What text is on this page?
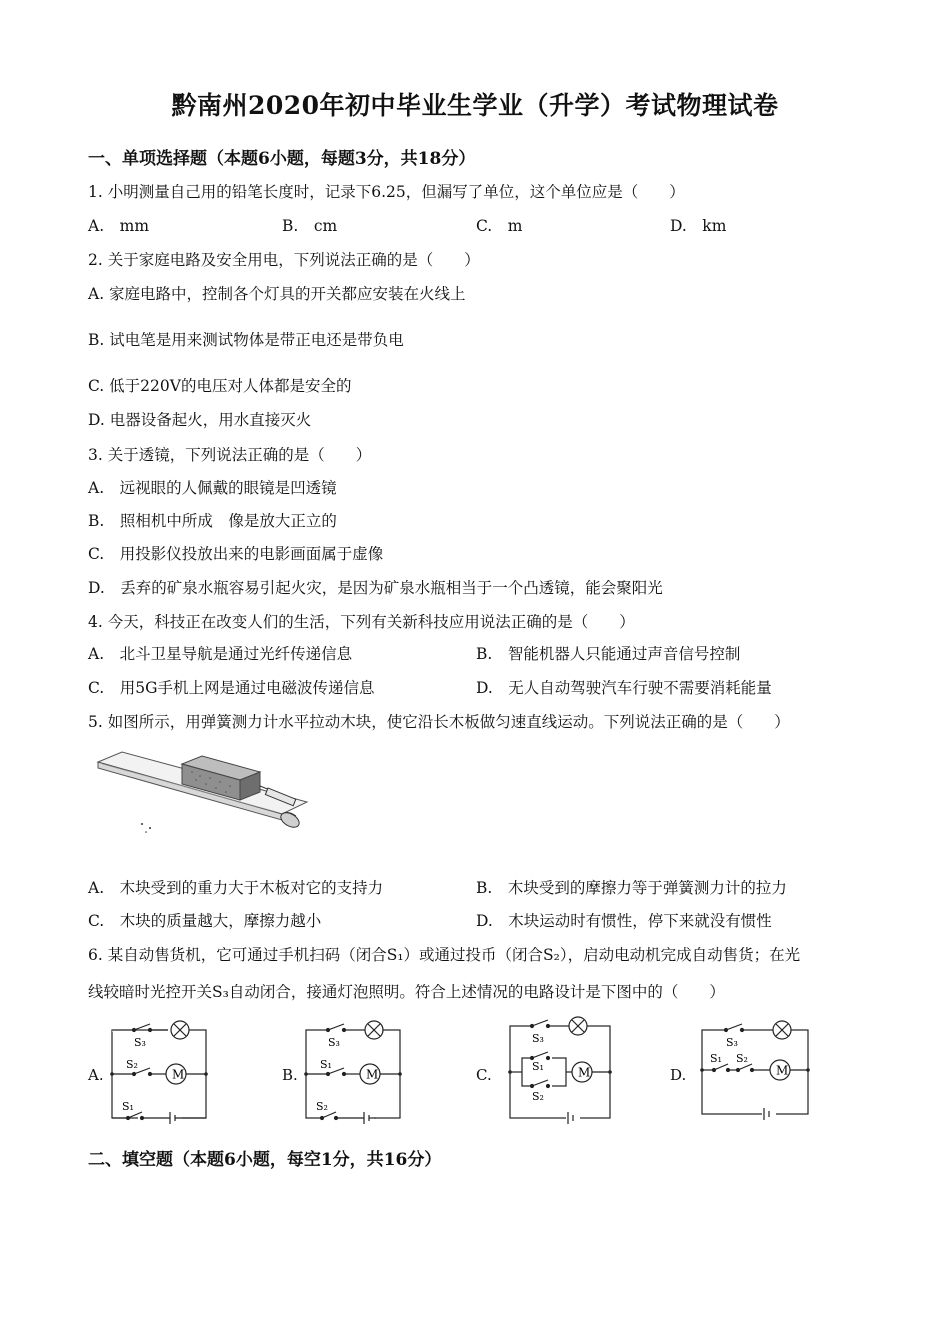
黔南州2020年初中毕业生学业（升学）考试物理试卷
一、单项选择题（本题6小题，每题3分，共18分）
1. 小明测量自己用的铅笔长度时，记录下6.25，但漏写了单位，这个单位应是（　　）
A.　mm	B.　cm	C.　m	D.　km
2. 关于家庭电路及安全用电，下列说法正确的是（　　）
A. 家庭电路中，控制各个灯具的开关都应安装在火线上
B. 试电笔是用来测试物体是带正电还是带负电
C. 低于220V的电压对人体都是安全的
D. 电器设备起火，用水直接灭火
3. 关于透镜，下列说法正确的是（　　）
A.　远视眼的人佩戴的眼镜是凹透镜
B.　照相机中所成　像是放大正立的
C.　用投影仪投放出来的电影画面属于虚像
D.　丢弃的矿泉水瓶容易引起火灾，是因为矿泉水瓶相当于一个凸透镜，能会聚阳光
4. 今天，科技正在改变人们的生活，下列有关新科技应用说法正确的是（　　）
A.　北斗卫星导航是通过光纤传递信息	B.　智能机器人只能通过声音信号控制
C.　用5G手机上网是通过电磁波传递信息	D.　无人自动驾驶汽车行驶不需要消耗能量
5. 如图所示，用弹簧测力计水平拉动木块，使它沿长木板做匀速直线运动。下列说法正确的是（　　）
A.　木块受到的重力大于木板对它的支持力	B.　木块受到的摩擦力等于弹簧测力计的拉力
C.　木块的质量越大，摩擦力越小	D.　木块运动时有惯性，停下来就没有惯性
6. 某自动售货机，它可通过手机扫码（闭合S₁）或通过投币（闭合S₂），启动电动机完成自动售货；在光
线较暗时光控开关S₃自动闭合，接通灯泡照明。符合上述情况的电路设计是下图中的（　　）
A.	B.	C.	D.
M
S₃
S₂
S₁
M
S₃
S₁
S₂
M
S₃
S₁
S₂
M
S₃
S₁ S₂
二、填空题（本题6小题，每空1分，共16分）
